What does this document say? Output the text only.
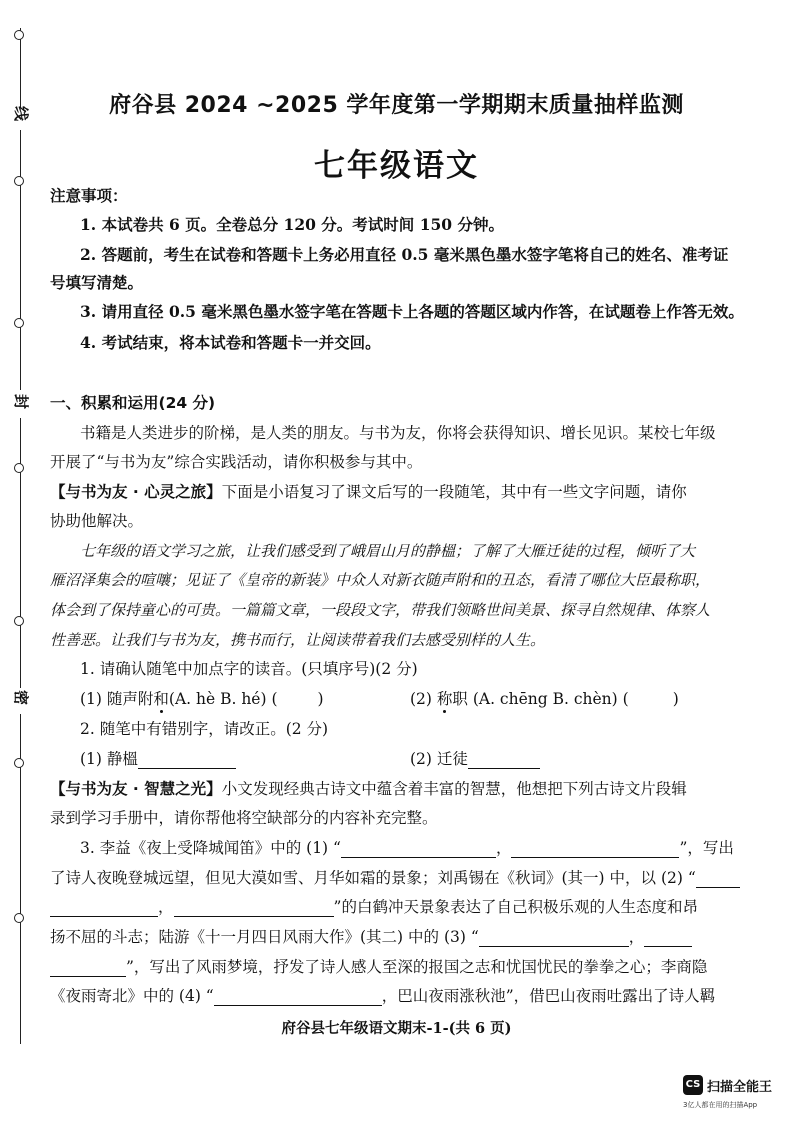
线
封
密
府谷县 2024 ~2025 学年度第一学期期末质量抽样监测
七年级语文
注意事项：
1. 本试卷共 6 页。全卷总分 120 分。考试时间 150 分钟。
2. 答题前，考生在试卷和答题卡上务必用直径 0.5 毫米黑色墨水签字笔将自己的姓名、准考证
号填写清楚。
3. 请用直径 0.5 毫米黑色墨水签字笔在答题卡上各题的答题区域内作答，在试题卷上作答无效。
4. 考试结束，将本试卷和答题卡一并交回。
一、积累和运用(24 分)
书籍是人类进步的阶梯，是人类的朋友。与书为友，你将会获得知识、增长见识。某校七年级
开展了“与书为友”综合实践活动，请你积极参与其中。
【与书为友 · 心灵之旅】下面是小语复习了课文后写的一段随笔，其中有一些文字问题，请你
协助他解决。
七年级的语文学习之旅，让我们感受到了峨眉山月的静榲；了解了大雁迁徒的过程，倾听了大
雁沼泽集会的喧嚷；见证了《皇帝的新装》中众人对新衣随声附和的丑态，看清了哪位大臣最称职，
体会到了保持童心的可贵。一篇篇文章，一段段文字，带我们领略世间美景、探寻自然规律、体察人
性善恶。让我们与书为友，携书而行，让阅读带着我们去感受别样的人生。
1. 请确认随笔中加点字的读音。(只填序号)(2 分)
(1) 随声附和(A. hè B. hé) (	)	(2) 称职 (A. chēng B. chèn) (	)
2. 随笔中有错别字，请改正。(2 分)
(1) 静榲	(2) 迁徒
【与书为友 · 智慧之光】小文发现经典古诗文中蕴含着丰富的智慧，他想把下列古诗文片段辑
录到学习手册中，请你帮他将空缺部分的内容补充完整。
3. 李益《夜上受降城闻笛》中的 (1) “	，	”，写出
了诗人夜晚登城远望，但见大漠如雪、月华如霜的景象；刘禹锡在《秋词》(其一) 中，以 (2) “
，	”的白鹤冲天景象表达了自己积极乐观的人生态度和昂
扬不屈的斗志；陆游《十一月四日风雨大作》(其二) 中的 (3) “	，
”，写出了风雨梦境，抒发了诗人感人至深的报国之志和忧国忧民的拳拳之心；李商隐
《夜雨寄北》中的 (4) “	，巴山夜雨涨秋池”，借巴山夜雨吐露出了诗人羁
府谷县七年级语文期末-1-(共 6 页)
CS 扫描全能王
3亿人都在用的扫描App
